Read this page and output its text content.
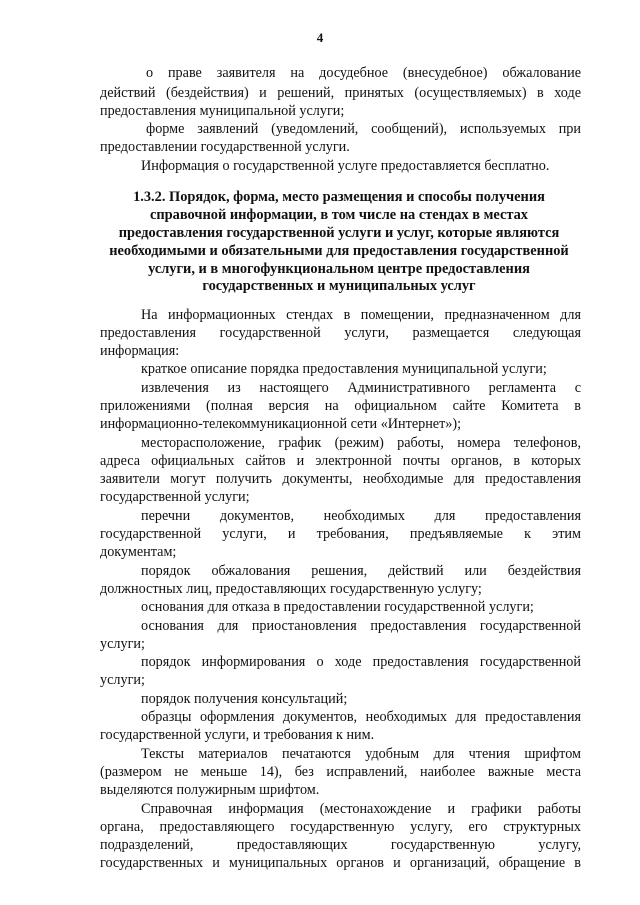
4
о праве заявителя на досудебное (внесудебное) обжалование
действий (бездействия) и решений, принятых (осуществляемых) в ходе
предоставления муниципальной услуги;
форме заявлений (уведомлений, сообщений), используемых при
предоставлении государственной услуги.
Информация о государственной услуге предоставляется бесплатно.
1.3.2. Порядок, форма, место размещения и способы получения
справочной информации, в том числе на стендах в местах
предоставления государственной услуги и услуг, которые являются
необходимыми и обязательными для предоставления государственной
услуги, и в многофункциональном центре предоставления
государственных и муниципальных услуг
На информационных стендах в помещении, предназначенном для
предоставления государственной услуги, размещается следующая
информация:
краткое описание порядка предоставления муниципальной услуги;
извлечения из настоящего Административного регламента с
приложениями (полная версия на официальном сайте Комитета в
информационно-телекоммуникационной сети «Интернет»);
месторасположение, график (режим) работы, номера телефонов,
адреса официальных сайтов и электронной почты органов, в которых
заявители могут получить документы, необходимые для предоставления
государственной услуги;
перечни документов, необходимых для предоставления
государственной услуги, и требования, предъявляемые к этим
документам;
порядок обжалования решения, действий или бездействия
должностных лиц, предоставляющих государственную услугу;
основания для отказа в предоставлении государственной услуги;
основания для приостановления предоставления государственной
услуги;
порядок информирования о ходе предоставления государственной
услуги;
порядок получения консультаций;
образцы оформления документов, необходимых для предоставления
государственной услуги, и требования к ним.
Тексты материалов печатаются удобным для чтения шрифтом
(размером не меньше 14), без исправлений, наиболее важные места
выделяются полужирным шрифтом.
Справочная информация (местонахождение и графики работы
органа, предоставляющего государственную услугу, его структурных
подразделений, предоставляющих государственную услугу,
государственных и муниципальных органов и организаций, обращение в
